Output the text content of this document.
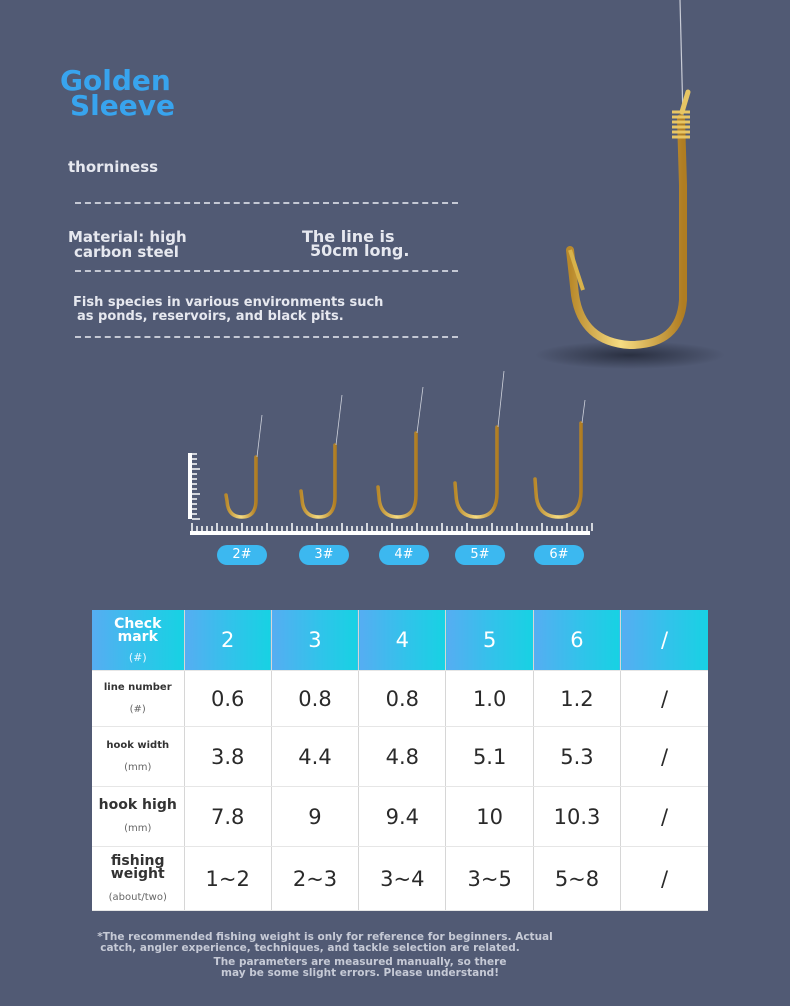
Golden
Sleeve
thorniness
Material: high
carbon steel
The line is
50cm long.
Fish species in various environments such
as ponds, reservoirs, and black pits.
2#	3#	4#	5#	6#
Check mark
(#)	2	3	4	5	6	/
line number
(#)	0.6	0.8	0.8	1.0	1.2	/
hook width
(mm)	3.8	4.4	4.8	5.1	5.3	/
hook high
(mm)	7.8	9	9.4	10	10.3	/
fishing weight
(about/two)	1~2	2~3	3~4	3~5	5~8	/
*The recommended fishing weight is only for reference for beginners. Actual
catch, angler experience, techniques, and tackle selection are related.
The parameters are measured manually, so there
may be some slight errors. Please understand!
